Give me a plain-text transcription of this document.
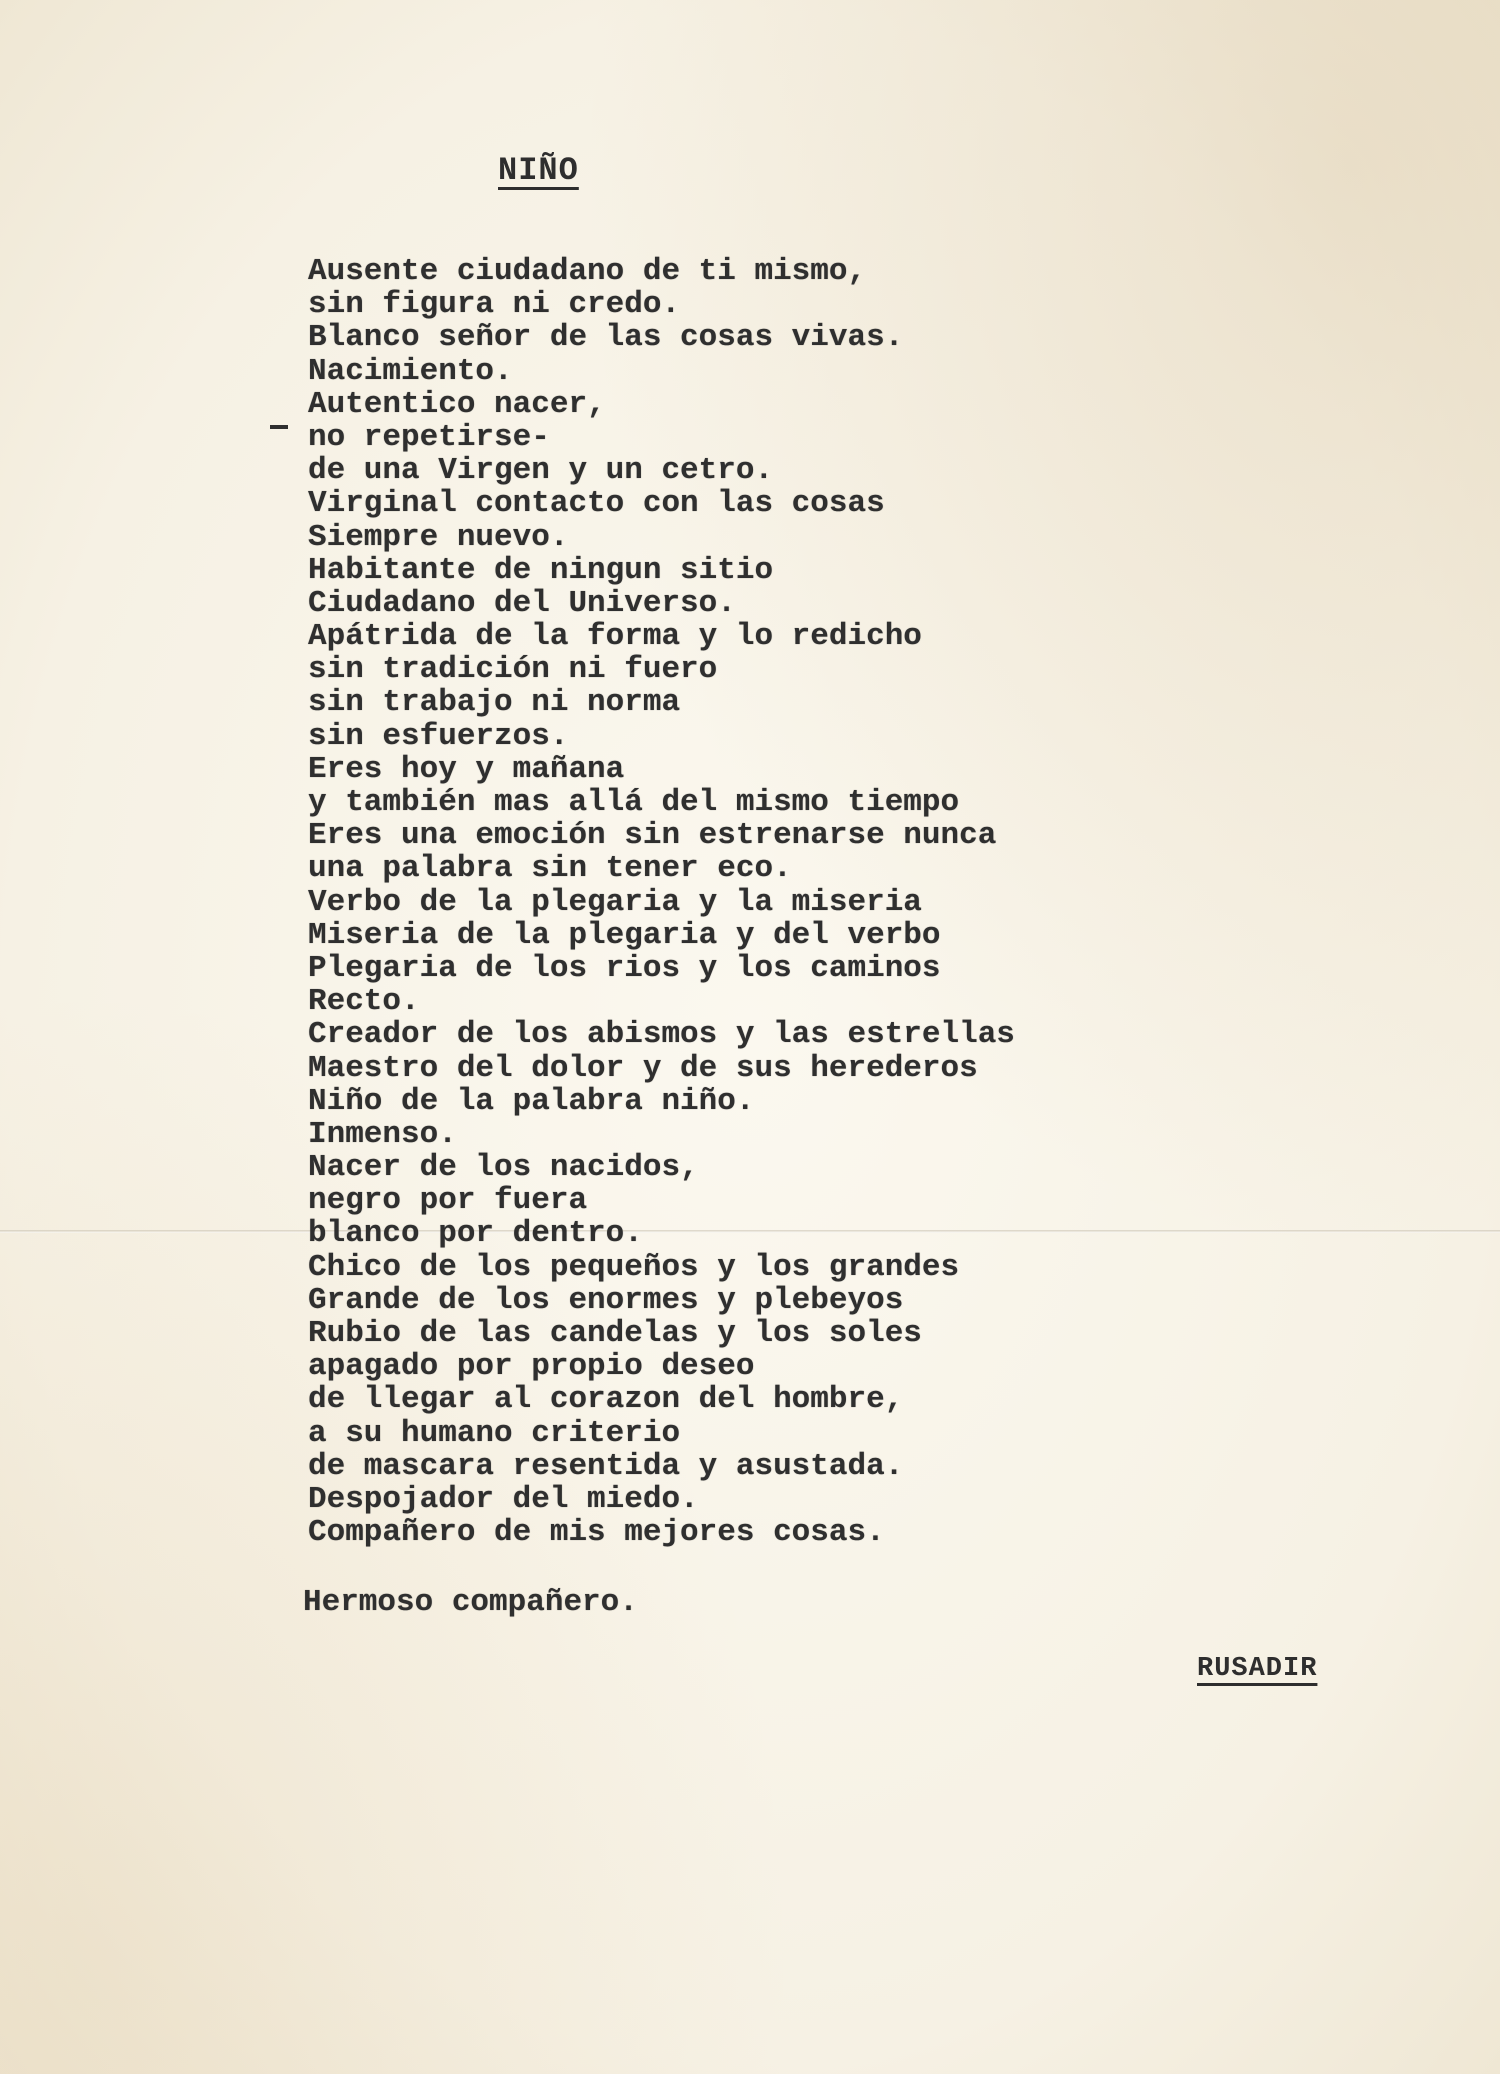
NIÑO
Ausente ciudadano de ti mismo,
sin figura ni credo.
Blanco señor de las cosas vivas.
Nacimiento.
Autentico nacer,
no repetirse-
de una Virgen y un cetro.
Virginal contacto con las cosas
Siempre nuevo.
Habitante de ningun sitio
Ciudadano del Universo.
Apátrida de la forma y lo redicho
sin tradición ni fuero
sin trabajo ni norma
sin esfuerzos.
Eres hoy y mañana
y también mas allá del mismo tiempo
Eres una emoción sin estrenarse nunca
una palabra sin tener eco.
Verbo de la plegaria y la miseria
Miseria de la plegaria y del verbo
Plegaria de los rios y los caminos
Recto.
Creador de los abismos y las estrellas
Maestro del dolor y de sus herederos
Niño de la palabra niño.
Inmenso.
Nacer de los nacidos,
negro por fuera
blanco por dentro.
Chico de los pequeños y los grandes
Grande de los enormes y plebeyos
Rubio de las candelas y los soles
apagado por propio deseo
de llegar al corazon del hombre,
a su humano criterio
de mascara resentida y asustada.
Despojador del miedo.
Compañero de mis mejores cosas.
Hermoso compañero.
RUSADIR
